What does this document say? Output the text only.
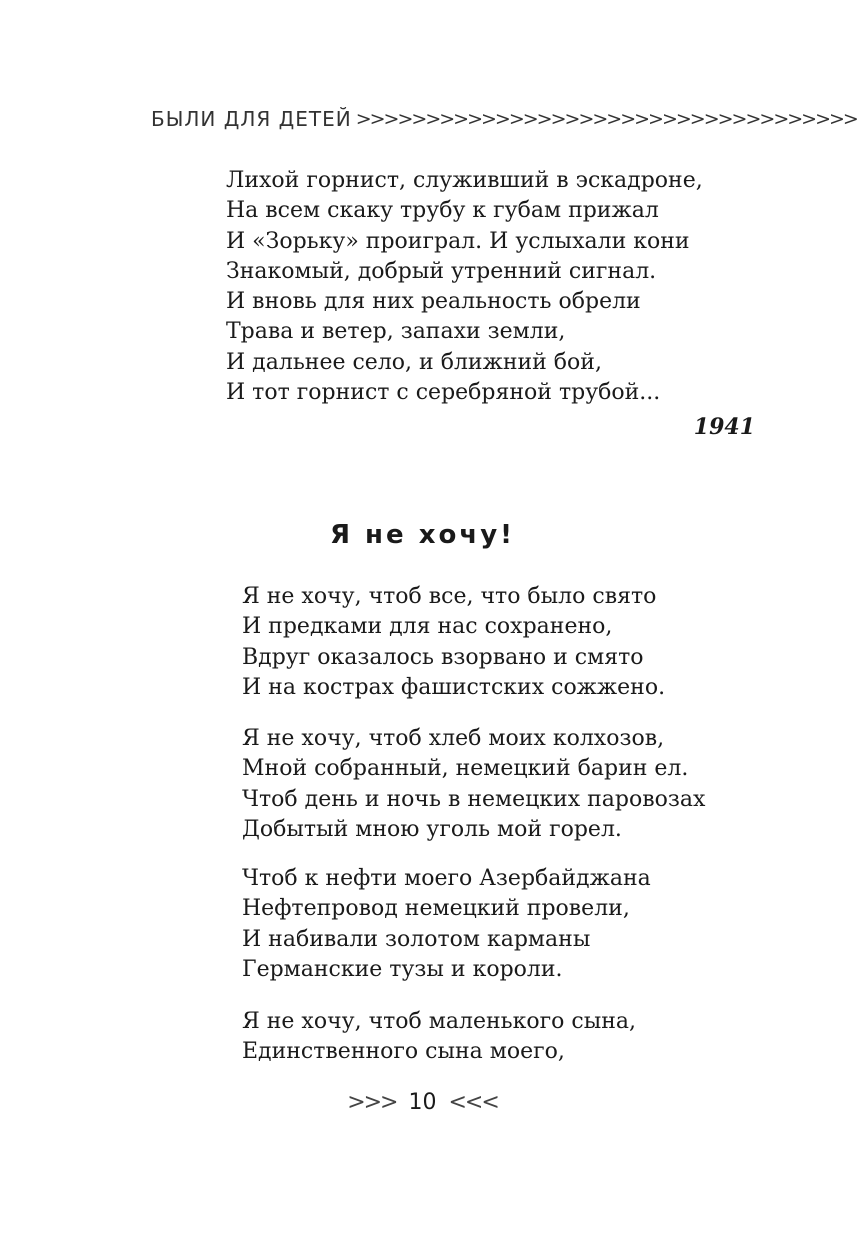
БЫЛИ ДЛЯ ДЕТЕЙ >>>>>>>>>>>>>>>>>>>>>>>>>>>>>>>>>>>>
Лихой горнист, служивший в эскадроне,
На всем скаку трубу к губам прижал
И «Зорьку» проиграл. И услыхали кони
Знакомый, добрый утренний сигнал.
И вновь для них реальность обрели
Трава и ветер, запахи земли,
И дальнее село, и ближний бой,
И тот горнист с серебряной трубой...
1941
Я не хочу!
Я не хочу, чтоб все, что было свято
И предками для нас сохранено,
Вдруг оказалось взорвано и смято
И на кострах фашистских сожжено.
Я не хочу, чтоб хлеб моих колхозов,
Мной собранный, немецкий барин ел.
Чтоб день и ночь в немецких паровозах
Добытый мною уголь мой горел.
Чтоб к нефти моего Азербайджана
Нефтепровод немецкий провели,
И набивали золотом карманы
Германские тузы и короли.
Я не хочу, чтоб маленького сына,
Единственного сына моего,
>>> 10 <<<
